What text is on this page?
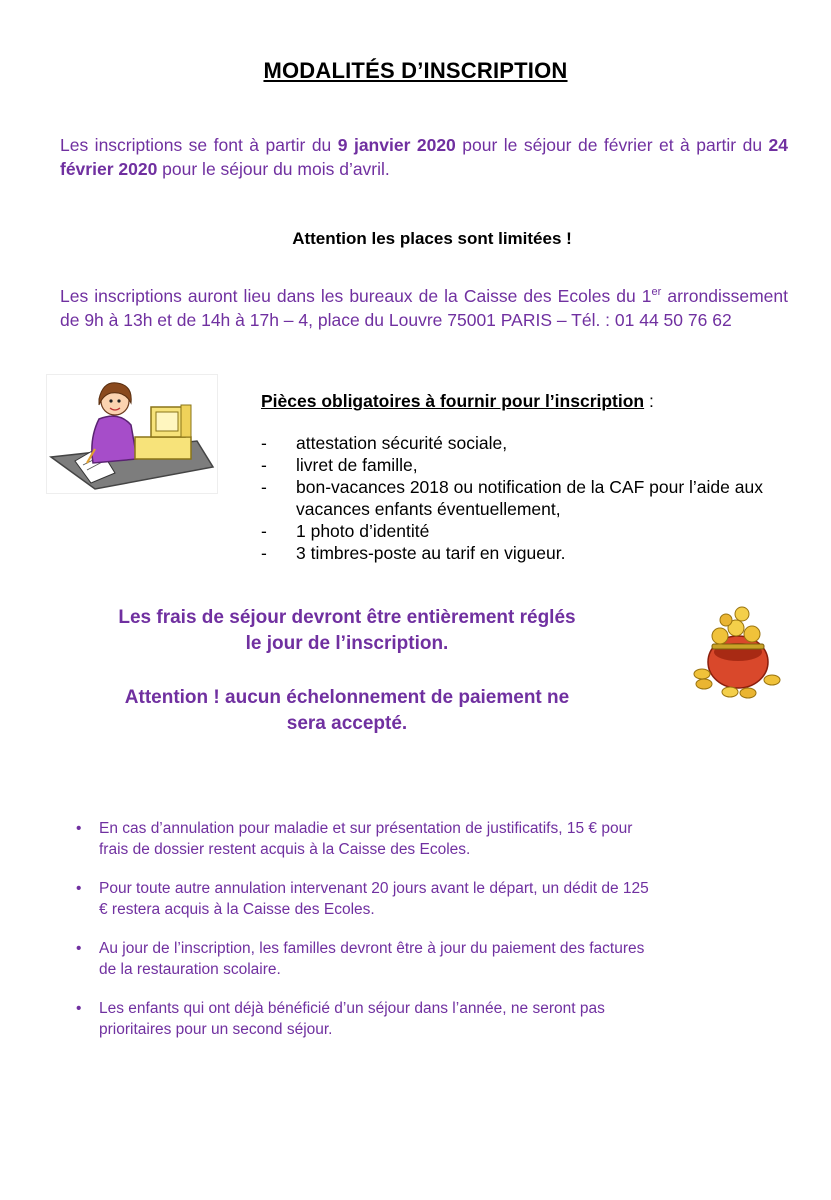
MODALITÉS D’INSCRIPTION
Les inscriptions se font à partir du 9 janvier 2020 pour le séjour de février et à partir du 24 février 2020 pour le séjour du mois d’avril.
Attention les places sont limitées !
Les inscriptions auront lieu dans les bureaux de la Caisse des Ecoles du 1er arrondissement de 9h à 13h et de 14h à 17h – 4, place du Louvre 75001 PARIS – Tél. : 01 44 50 76 62
Pièces obligatoires à fournir pour l’inscription :
- attestation sécurité sociale,
- livret de famille,
- bon-vacances 2018 ou notification de la CAF pour l’aide aux vacances enfants éventuellement,
- 1 photo d’identité
- 3 timbres-poste au tarif en vigueur.
Les frais de séjour devront être entièrement réglés
le jour de l’inscription.
Attention ! aucun échelonnement de paiement ne
sera accepté.
• En cas d’annulation pour maladie et sur présentation de justificatifs, 15 € pour frais de dossier restent acquis à la Caisse des Ecoles.
• Pour toute autre annulation intervenant 20 jours avant le départ, un dédit de 125 € restera acquis à la Caisse des Ecoles.
• Au jour de l’inscription, les familles devront être à jour du paiement des factures de la restauration scolaire.
• Les enfants qui ont déjà bénéficié d’un séjour dans l’année, ne seront pas prioritaires pour un second séjour.
